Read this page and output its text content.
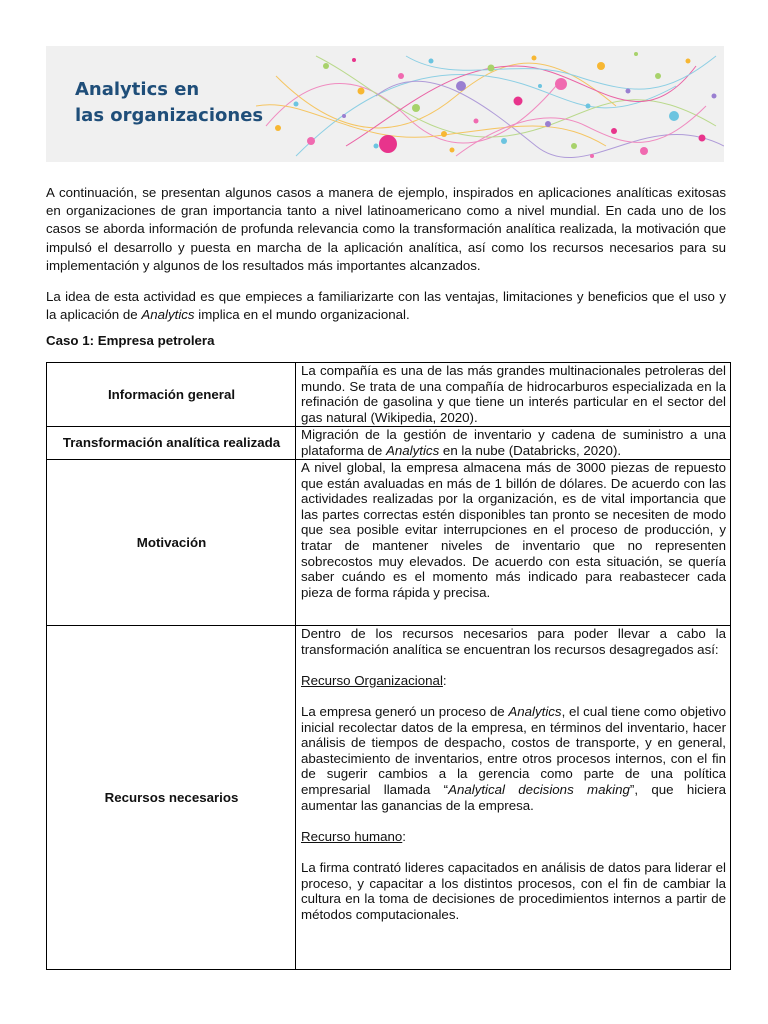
Analytics en
las organizaciones

A continuación, se presentan algunos casos a manera de ejemplo, inspirados en aplicaciones analíticas exitosas en organizaciones de gran importancia tanto a nivel latinoamericano como a nivel mundial. En cada uno de los casos se aborda información de profunda relevancia como la transformación analítica realizada, la motivación que impulsó el desarrollo y puesta en marcha de la aplicación analítica, así como los recursos necesarios para su implementación y algunos de los resultados más importantes alcanzados.

La idea de esta actividad es que empieces a familiarizarte con las ventajas, limitaciones y beneficios que el uso y la aplicación de Analytics implica en el mundo organizacional.

Caso 1: Empresa petrolera

Información general	La compañía es una de las más grandes multinacionales petroleras del mundo. Se trata de una compañía de hidrocarburos especializada en la refinación de gasolina y que tiene un interés particular en el sector del gas natural (Wikipedia, 2020).
Transformación analítica realizada	Migración de la gestión de inventario y cadena de suministro a una plataforma de Analytics en la nube (Databricks, 2020).
Motivación	A nivel global, la empresa almacena más de 3000 piezas de repuesto que están avaluadas en más de 1 billón de dólares. De acuerdo con las actividades realizadas por la organización, es de vital importancia que las partes correctas estén disponibles tan pronto se necesiten de modo que sea posible evitar interrupciones en el proceso de producción, y tratar de mantener niveles de inventario que no representen sobrecostos muy elevados. De acuerdo con esta situación, se quería saber cuándo es el momento más indicado para reabastecer cada pieza de forma rápida y precisa.
Recursos necesarios	Dentro de los recursos necesarios para poder llevar a cabo la transformación analítica se encuentran los recursos desagregados así:
Recurso Organizacional:
La empresa generó un proceso de Analytics, el cual tiene como objetivo inicial recolectar datos de la empresa, en términos del inventario, hacer análisis de tiempos de despacho, costos de transporte, y en general, abastecimiento de inventarios, entre otros procesos internos, con el fin de sugerir cambios a la gerencia como parte de una política empresarial llamada “Analytical decisions making”, que hiciera aumentar las ganancias de la empresa.
Recurso humano:
La firma contrató lideres capacitados en análisis de datos para liderar el proceso, y capacitar a los distintos procesos, con el fin de cambiar la cultura en la toma de decisiones de procedimientos internos a partir de métodos computacionales.
